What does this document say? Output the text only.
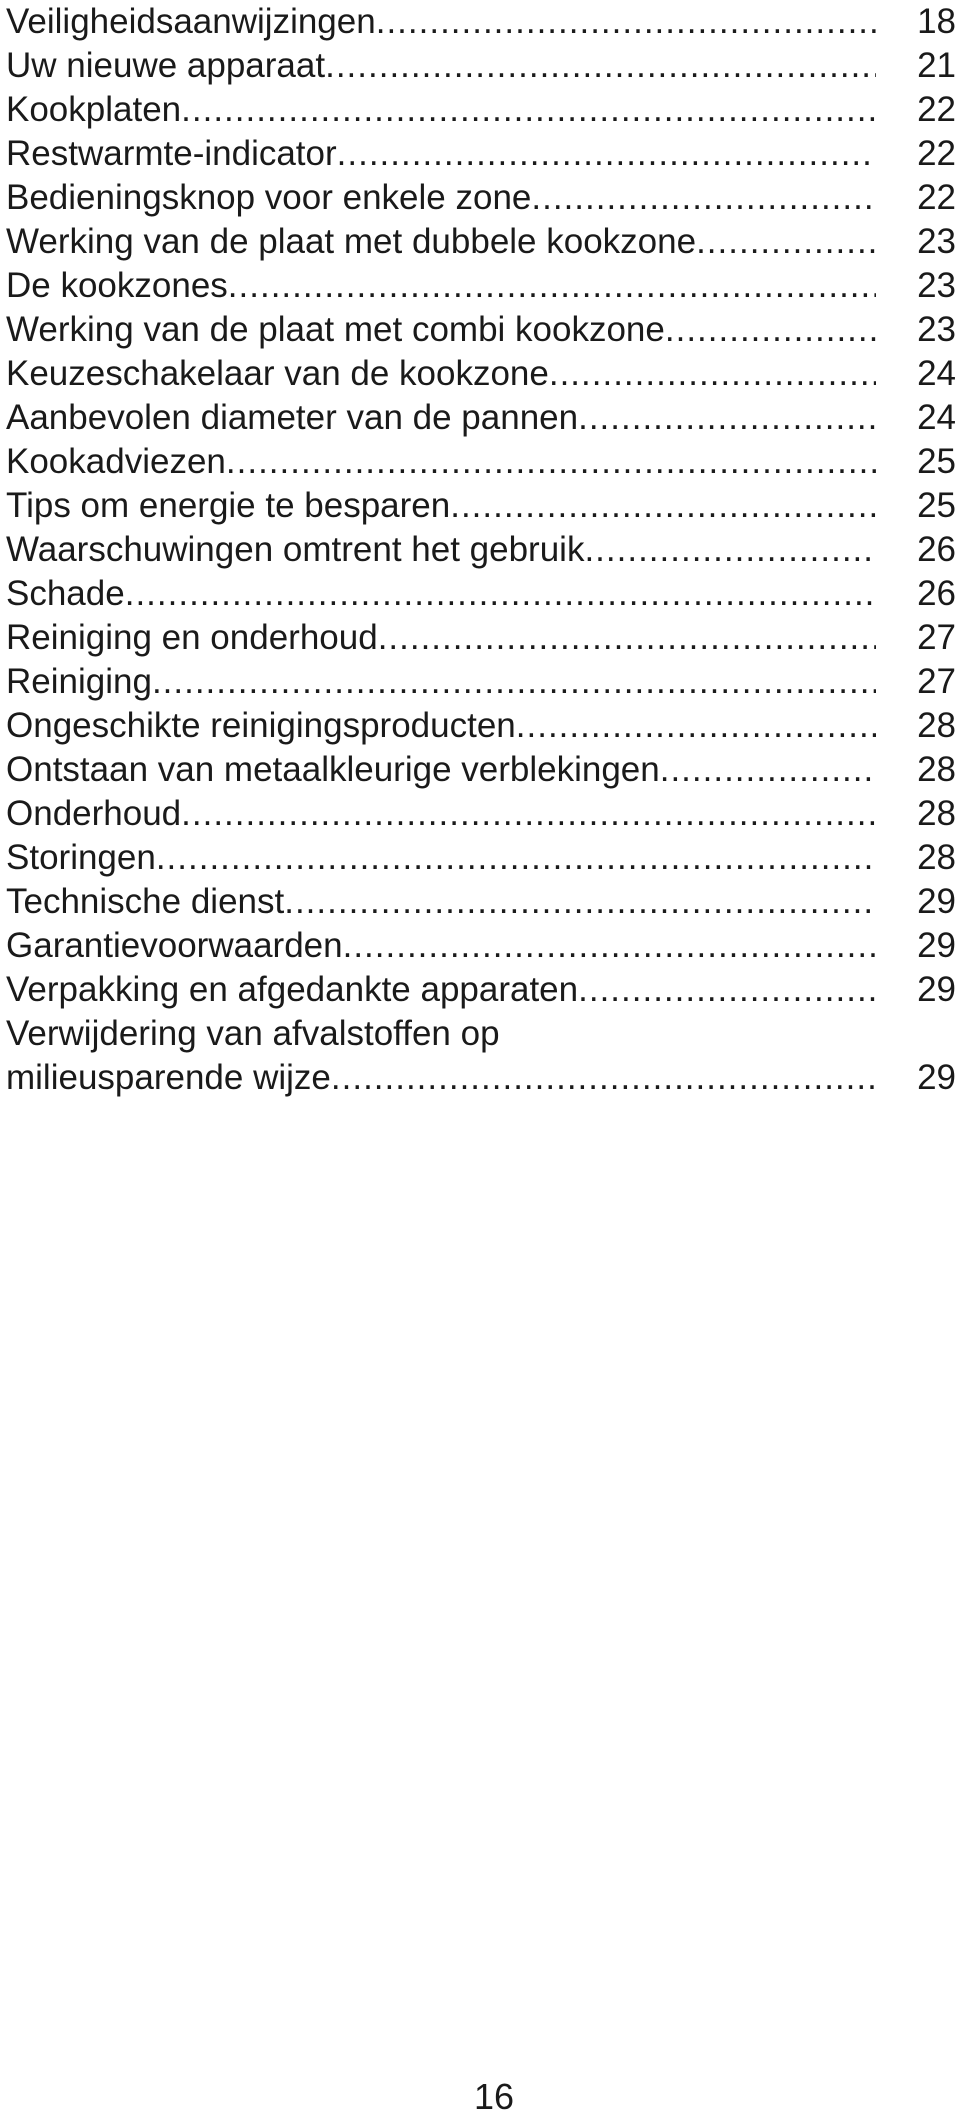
Veiligheidsaanwijzingen .....	18
Uw nieuwe apparaat .....	21
Kookplaten .....	22
Restwarmte-indicator .....	22
Bedieningsknop voor enkele zone .....	22
Werking van de plaat met dubbele kookzone .....	23
De kookzones .....	23
Werking van de plaat met combi kookzone .....	23
Keuzeschakelaar van de kookzone .....	24
Aanbevolen diameter van de pannen .....	24
Kookadviezen .....	25
Tips om energie te besparen .....	25
Waarschuwingen omtrent het gebruik .....	26
Schade .....	26
Reiniging en onderhoud .....	27
Reiniging .....	27
Ongeschikte reinigingsproducten .....	28
Ontstaan van metaalkleurige verblekingen .....	28
Onderhoud .....	28
Storingen .....	28
Technische dienst .....	29
Garantievoorwaarden .....	29
Verpakking en afgedankte apparaten .....	29
Verwijdering van afvalstoffen op
milieusparende wijze .....	29
16
